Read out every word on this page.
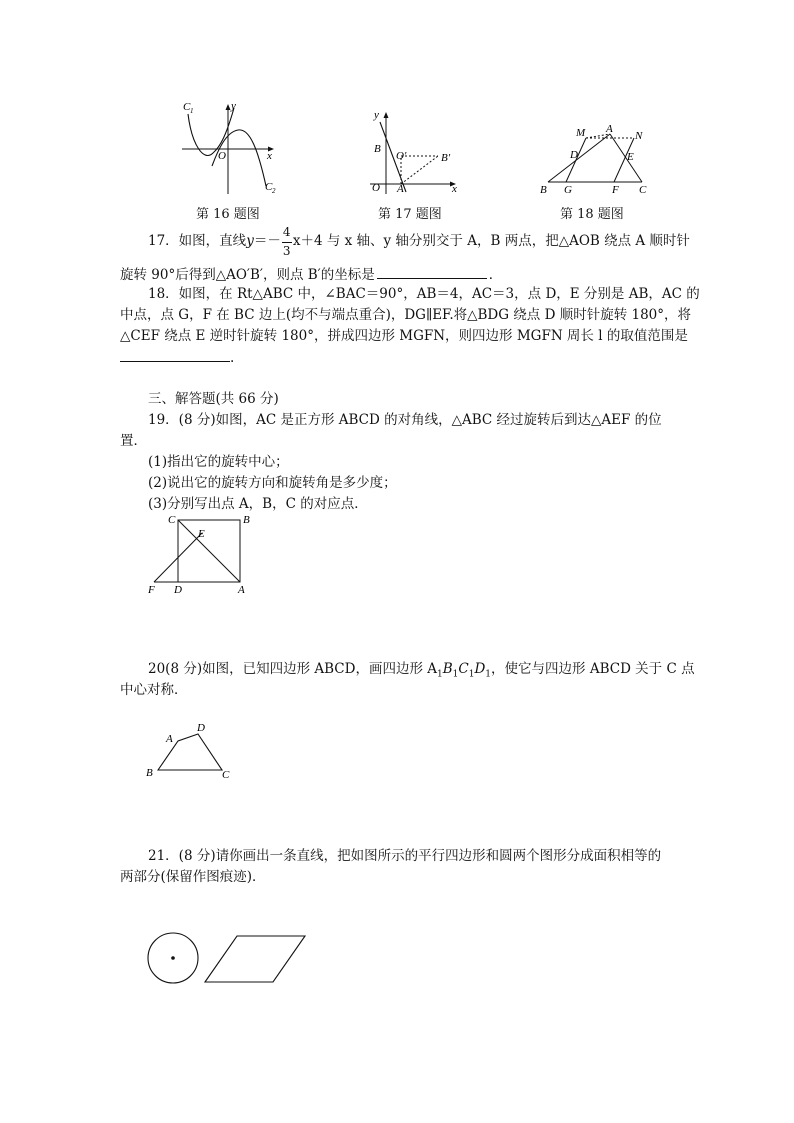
C 1	y
x
O
C 2
第 16 题图
y
B
O′	B′
O A	x
第 17 题图
M A
N
D	E
B G	F C
第 18 题图
17．如图，直线$y=- \frac{4}{3} x+4$ 与 x 轴、y 轴分别交于 A，B 两点，把△AOB 绕点 A 顺时针
旋转 90°后得到△AO′B′，则点 B′的坐标是	．
18．如图，在 Rt△ABC 中，∠BAC＝90°，AB＝4，AC＝3，点 D，E 分别是 AB，AC 的
中点，点 G，F 在 BC 边上(均不与端点重合)，DG∥EF.将△BDG 绕点 D 顺时针旋转 180°，将
△CEF 绕点 E 逆时针旋转 180°，拼成四边形 MGFN，则四边形 MGFN 周长 l 的取值范围是
.
三、解答题(共 66 分)
19．(8 分)如图，AC 是正方形 ABCD 的对角线，△ABC 经过旋转后到达△AEF 的位
置．
(1)指出它的旋转中心；
(2)说出它的旋转方向和旋转角是多少度；
(3)分别写出点 A，B，C 的对应点．
C	B
E
F D	A
20(8 分)如图，已知四边形 ABCD，画四边形 $A_1B_1C_1D_1$，使它与四边形 ABCD 关于 C 点
中心对称．
A
D
B	C
21．(8 分)请你画出一条直线，把如图所示的平行四边形和圆两个图形分成面积相等的
两部分(保留作图痕迹)．
